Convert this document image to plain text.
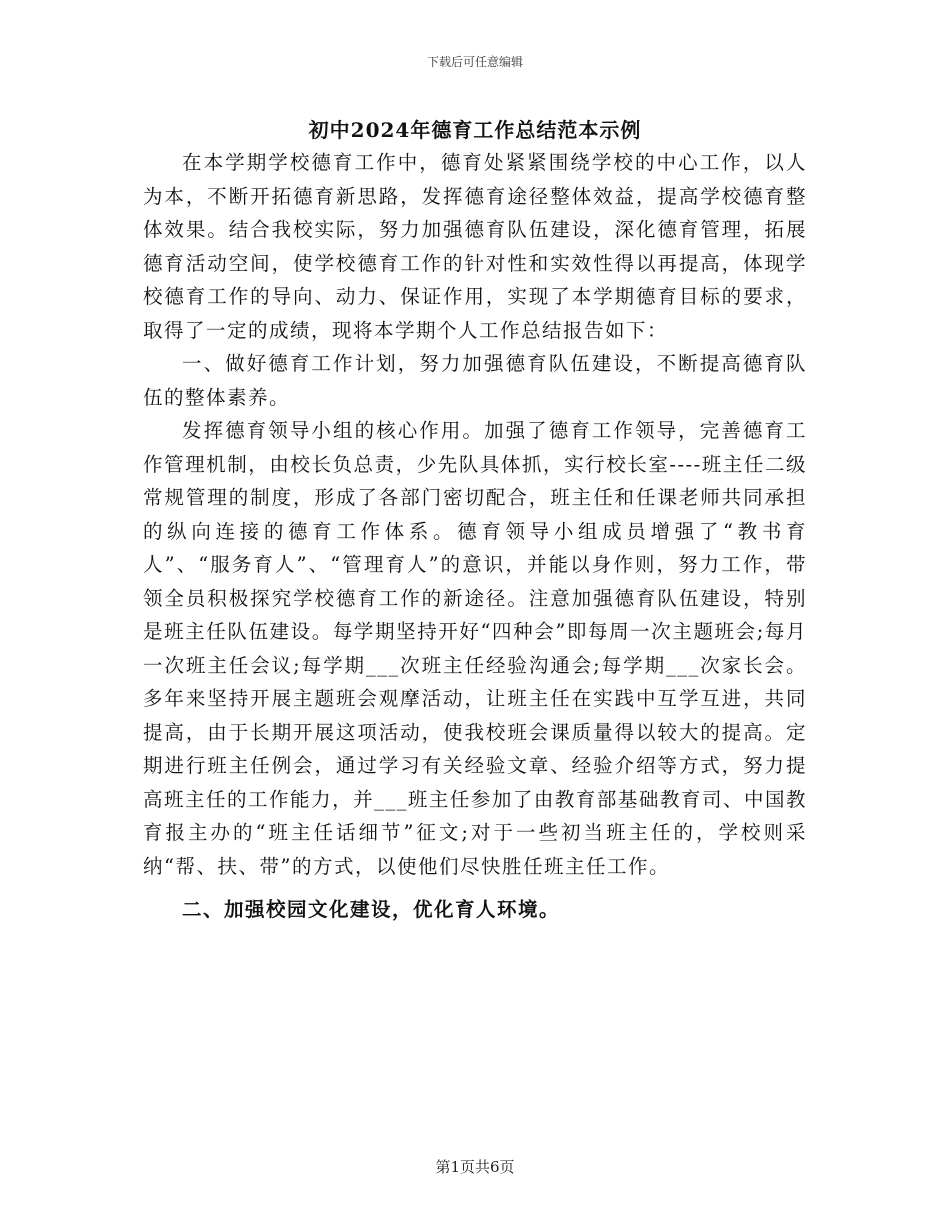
下载后可任意编辑
初中2024年德育工作总结范本示例

在本学期学校德育工作中，德育处紧紧围绕学校的中心工作，以人为本，不断开拓德育新思路，发挥德育途径整体效益，提高学校德育整体效果。结合我校实际，努力加强德育队伍建设，深化德育管理，拓展德育活动空间，使学校德育工作的针对性和实效性得以再提高，体现学校德育工作的导向、动力、保证作用，实现了本学期德育目标的要求，取得了一定的成绩，现将本学期个人工作总结报告如下：

一、做好德育工作计划，努力加强德育队伍建设，不断提高德育队伍的整体素养。

发挥德育领导小组的核心作用。加强了德育工作领导，完善德育工作管理机制，由校长负总责，少先队具体抓，实行校长室----班主任二级常规管理的制度，形成了各部门密切配合，班主任和任课老师共同承担的纵向连接的德育工作体系。德育领导小组成员增强了“教书育人”、“服务育人”、“管理育人”的意识，并能以身作则，努力工作，带领全员积极探究学校德育工作的新途径。注意加强德育队伍建设，特别是班主任队伍建设。每学期坚持开好“四种会”即每周一次主题班会;每月一次班主任会议;每学期___次班主任经验沟通会;每学期___次家长会。多年来坚持开展主题班会观摩活动，让班主任在实践中互学互进，共同提高，由于长期开展这项活动，使我校班会课质量得以较大的提高。定期进行班主任例会，通过学习有关经验文章、经验介绍等方式，努力提高班主任的工作能力，并___班主任参加了由教育部基础教育司、中国教育报主办的“班主任话细节”征文;对于一些初当班主任的，学校则采纳“帮、扶、带”的方式，以使他们尽快胜任班主任工作。

二、加强校园文化建设，优化育人环境。

第1页共6页
